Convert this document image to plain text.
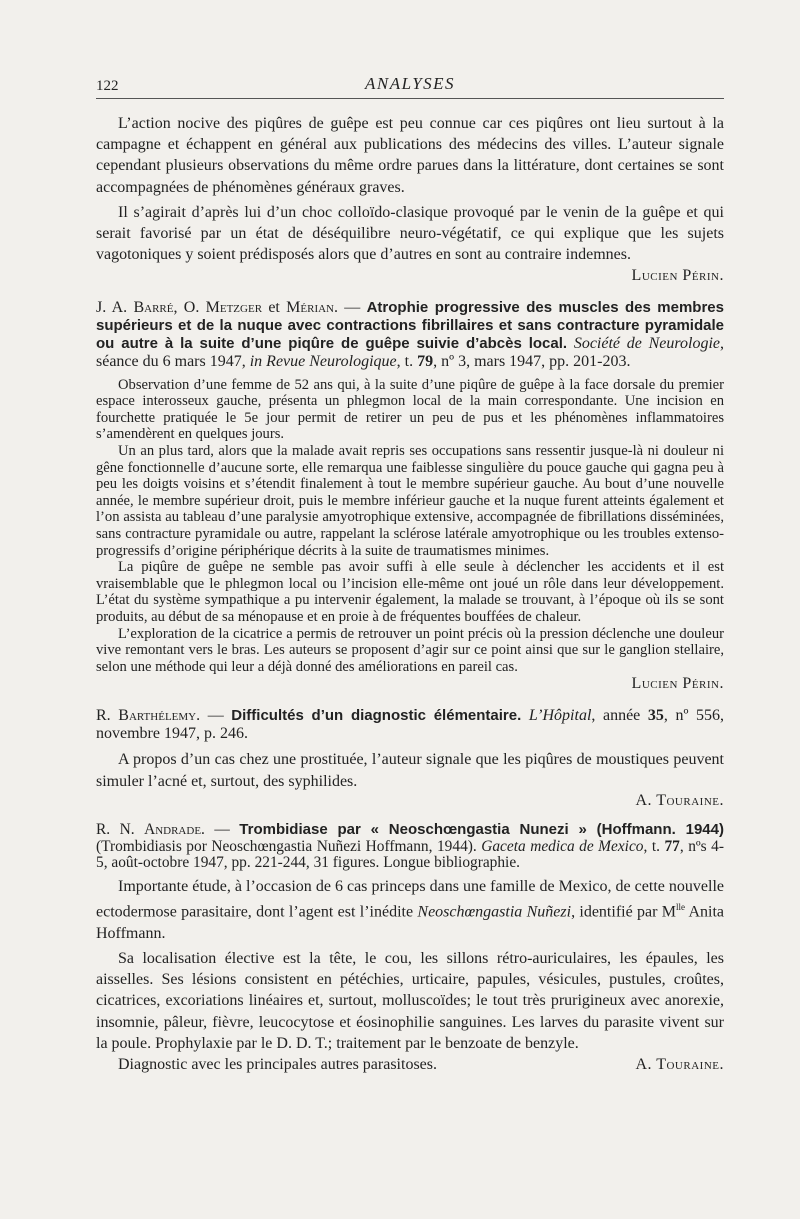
122	ANALYSES

L’action nocive des piqûres de guêpe est peu connue car ces piqûres ont lieu surtout à la campagne et échappent en général aux publications des médecins des villes. L’auteur signale cependant plusieurs observations du même ordre parues dans la littérature, dont certaines se sont accompagnées de phénomènes généraux graves.

Il s’agirait d’après lui d’un choc colloïdo-clasique provoqué par le venin de la guêpe et qui serait favorisé par un état de déséquilibre neuro-végétatif, ce qui explique que les sujets vagotoniques y soient prédisposés alors que d’autres en sont au contraire indemnes.

Lucien Périn.

J. A. Barré, O. Metzger et Mérian. — Atrophie progressive des muscles des membres supérieurs et de la nuque avec contractions fibrillaires et sans contracture pyramidale ou autre à la suite d’une piqûre de guêpe suivie d’abcès local. Société de Neurologie, séance du 6 mars 1947, in Revue Neurologique, t. 79, nº 3, mars 1947, pp. 201-203.

Observation d’une femme de 52 ans qui, à la suite d’une piqûre de guêpe à la face dorsale du premier espace interosseux gauche, présenta un phlegmon local de la main correspondante. Une incision en fourchette pratiquée le 5e jour permit de retirer un peu de pus et les phénomènes inflammatoires s’amendèrent en quelques jours.

Un an plus tard, alors que la malade avait repris ses occupations sans ressentir jusque-là ni douleur ni gêne fonctionnelle d’aucune sorte, elle remarqua une faiblesse singulière du pouce gauche qui gagna peu à peu les doigts voisins et s’étendit finalement à tout le membre supérieur gauche. Au bout d’une nouvelle année, le membre supérieur droit, puis le membre inférieur gauche et la nuque furent atteints également et l’on assista au tableau d’une paralysie amyotrophique extensive, accompagnée de fibrillations disséminées, sans contracture pyramidale ou autre, rappelant la sclérose latérale amyotrophique ou les troubles extenso-progressifs d’origine périphérique décrits à la suite de traumatismes minimes.

La piqûre de guêpe ne semble pas avoir suffi à elle seule à déclencher les accidents et il est vraisemblable que le phlegmon local ou l’incision elle-même ont joué un rôle dans leur développement. L’état du système sympathique a pu intervenir également, la malade se trouvant, à l’époque où ils se sont produits, au début de sa ménopause et en proie à de fréquentes bouffées de chaleur.

L’exploration de la cicatrice a permis de retrouver un point précis où la pression déclenche une douleur vive remontant vers le bras. Les auteurs se proposent d’agir sur ce point ainsi que sur le ganglion stellaire, selon une méthode qui leur a déjà donné des améliorations en pareil cas.

Lucien Périn.

R. Barthélemy. — Difficultés d’un diagnostic élémentaire. L’Hôpital, année 35, nº 556, novembre 1947, p. 246.

A propos d’un cas chez une prostituée, l’auteur signale que les piqûres de moustiques peuvent simuler l’acné et, surtout, des syphilides.

A. Touraine.

R. N. Andrade. — Trombidiase par « Neoschœngastia Nunezi » (Hoffmann. 1944) (Trombidiasis por Neoschœngastia Nuñezi Hoffmann, 1944). Gaceta medica de Mexico, t. 77, nºs 4-5, août-octobre 1947, pp. 221-244, 31 figures. Longue bibliographie.

Importante étude, à l’occasion de 6 cas princeps dans une famille de Mexico, de cette nouvelle ectodermose parasitaire, dont l’agent est l’inédite Neoschœngastia Nuñezi, identifié par $M^{lle}$ Anita Hoffmann.

Sa localisation élective est la tête, le cou, les sillons rétro-auriculaires, les épaules, les aisselles. Ses lésions consistent en pétéchies, urticaire, papules, vésicules, pustules, croûtes, cicatrices, excoriations linéaires et, surtout, molluscoïdes; le tout très prurigineux avec anorexie, insomnie, pâleur, fièvre, leucocytose et éosinophilie sanguines. Les larves du parasite vivent sur la poule. Prophylaxie par le D. D. T.; traitement par le benzoate de benzyle.

Diagnostic avec les principales autres parasitoses.	A. Touraine.
